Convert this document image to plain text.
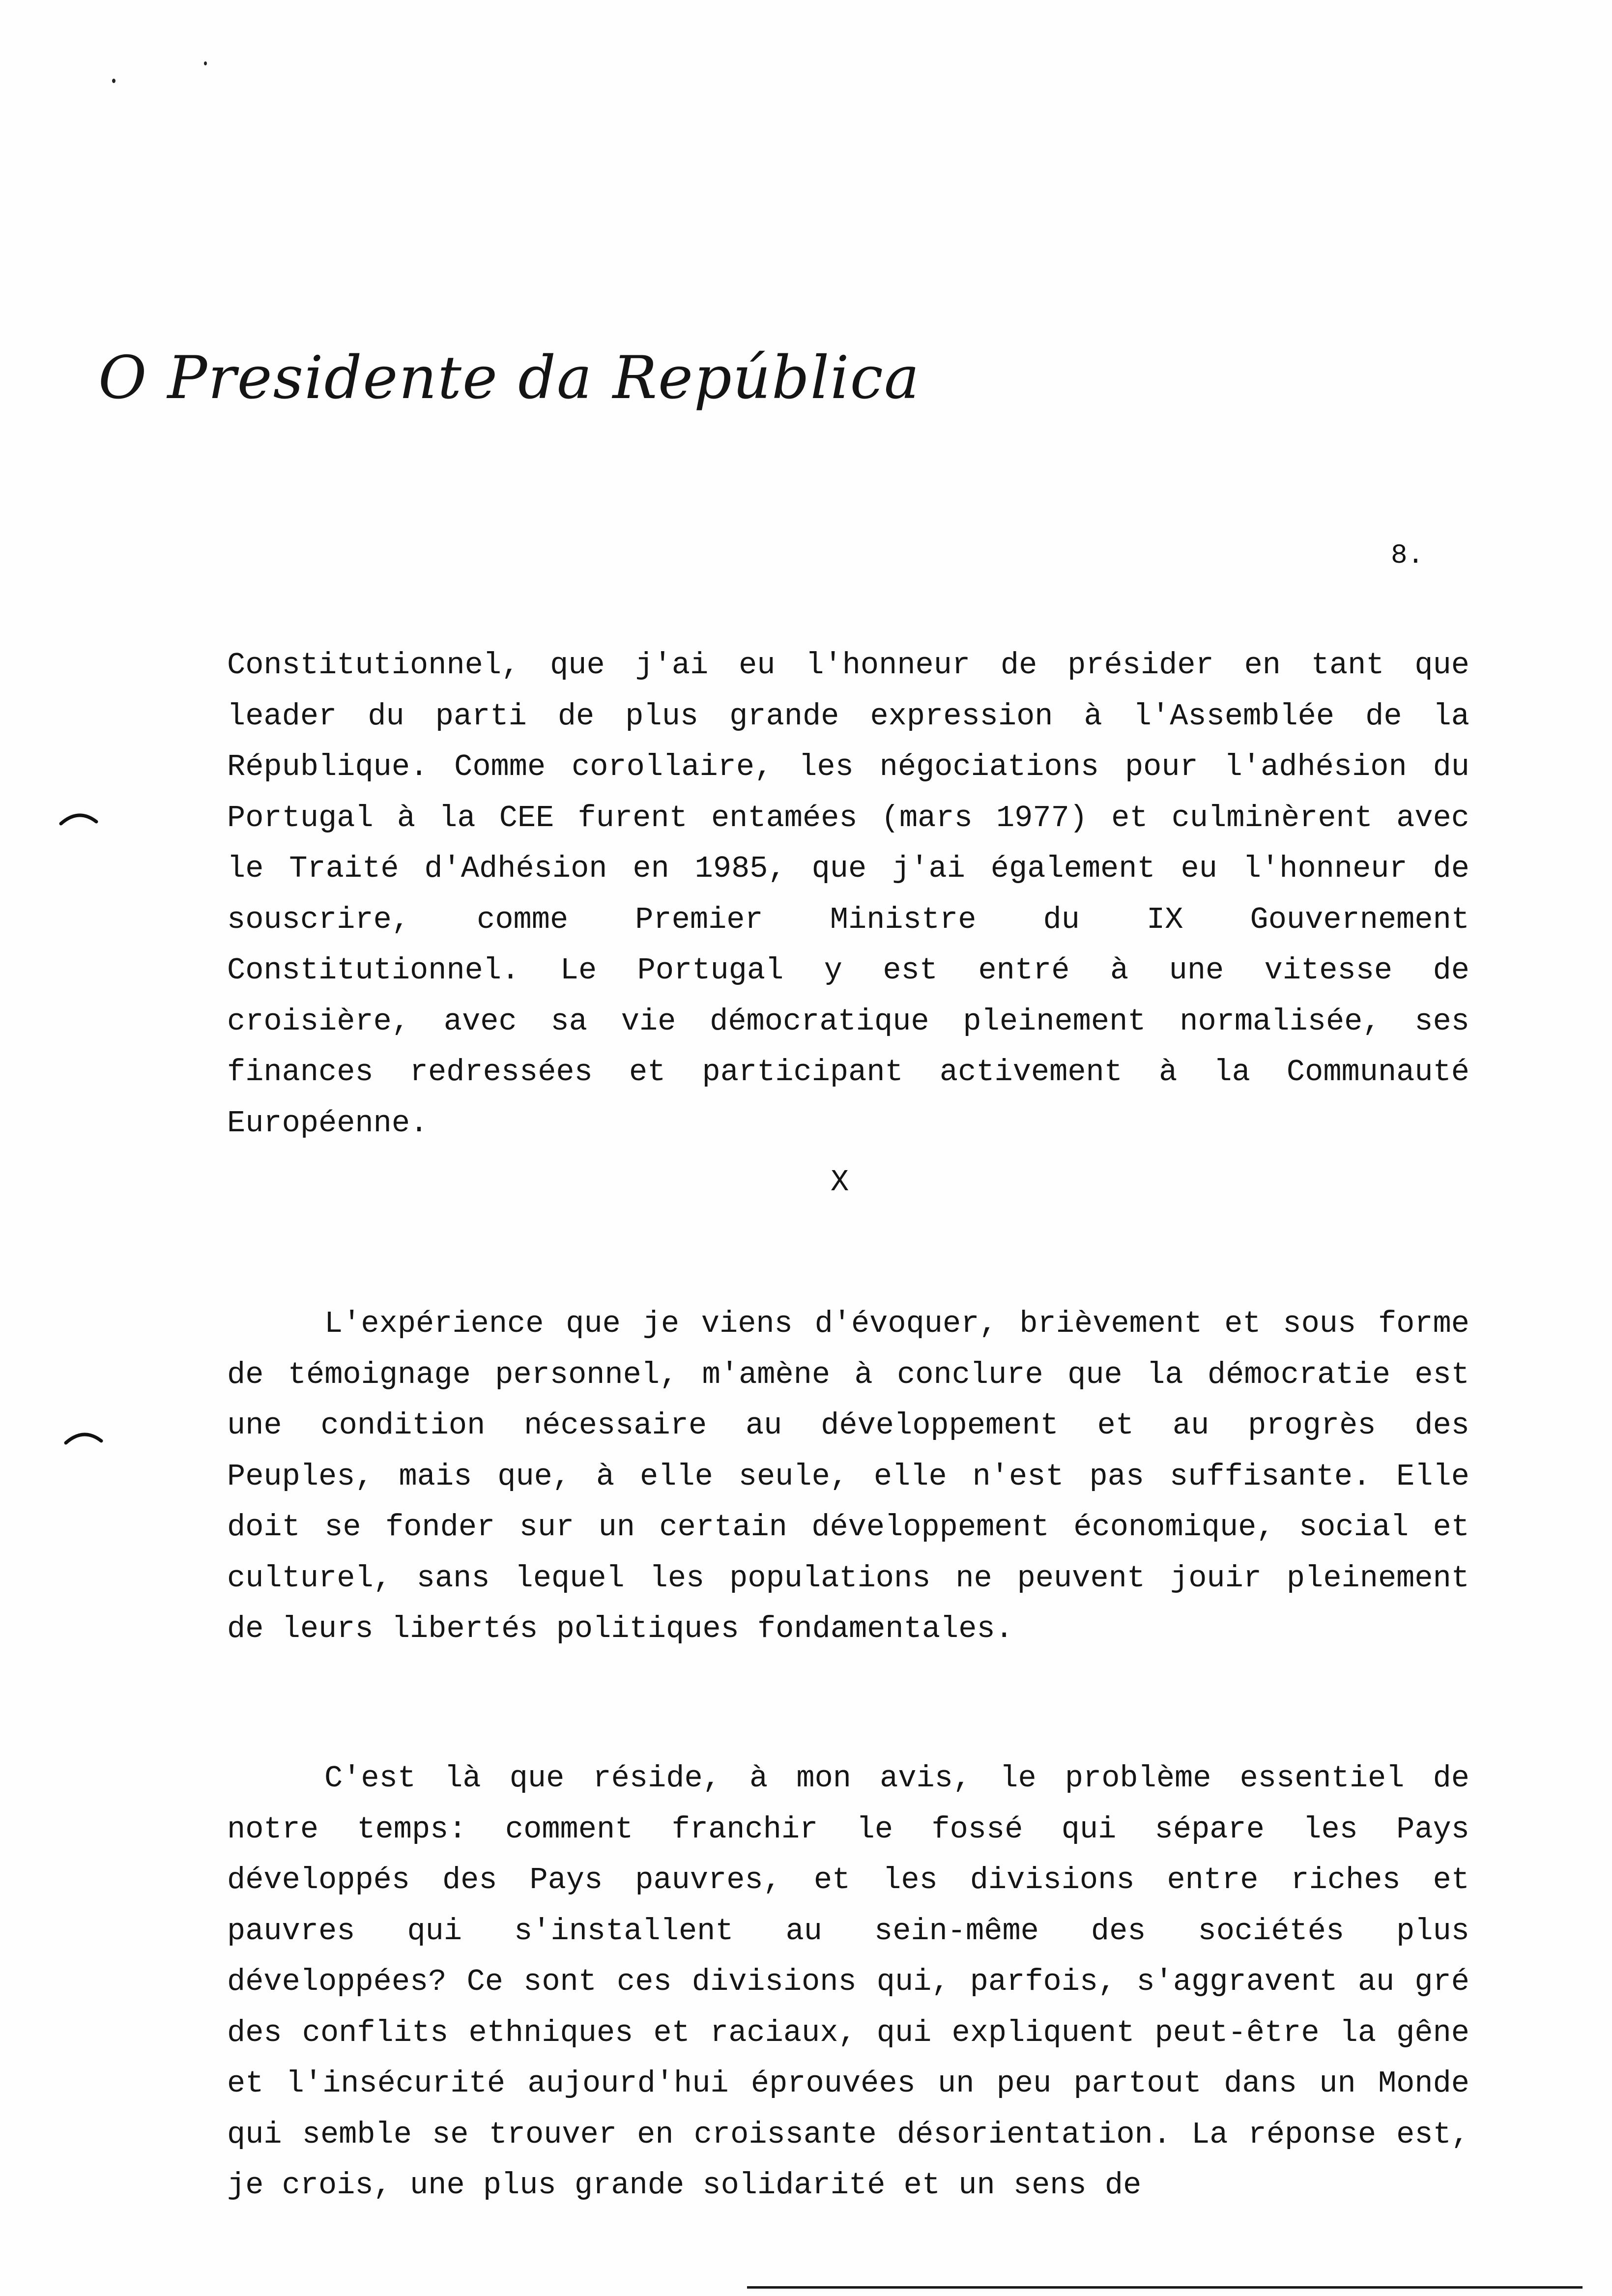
O Presidente da República
8.

Constitutionnel, que j'ai eu l'honneur de présider en tant que leader du parti de plus grande expression à l'Assemblée de la République. Comme corollaire, les négociations pour l'adhésion du Portugal à la CEE furent entamées (mars 1977) et culminèrent avec le Traité d'Adhésion en 1985, que j'ai également eu l'honneur de souscrire, comme Premier Ministre du IX Gouvernement Constitutionnel. Le Portugal y est entré à une vitesse de croisière, avec sa vie démocratique pleinement normalisée, ses finances redressées et participant activement à la Communauté Européenne.

X

L'expérience que je viens d'évoquer, brièvement et sous forme de témoignage personnel, m'amène à conclure que la démocratie est une condition nécessaire au développement et au progrès des Peuples, mais que, à elle seule, elle n'est pas suffisante. Elle doit se fonder sur un certain développement économique, social et culturel, sans lequel les populations ne peuvent jouir pleinement de leurs libertés politiques fondamentales.

C'est là que réside, à mon avis, le problème essentiel de notre temps: comment franchir le fossé qui sépare les Pays développés des Pays pauvres, et les divisions entre riches et pauvres qui s'installent au sein-même des sociétés plus développées? Ce sont ces divisions qui, parfois, s'aggravent au gré des conflits ethniques et raciaux, qui expliquent peut-être la gêne et l'insécurité aujourd'hui éprouvées un peu partout dans un Monde qui semble se trouver en croissante désorientation. La réponse est, je crois, une plus grande solidarité et un sens de
